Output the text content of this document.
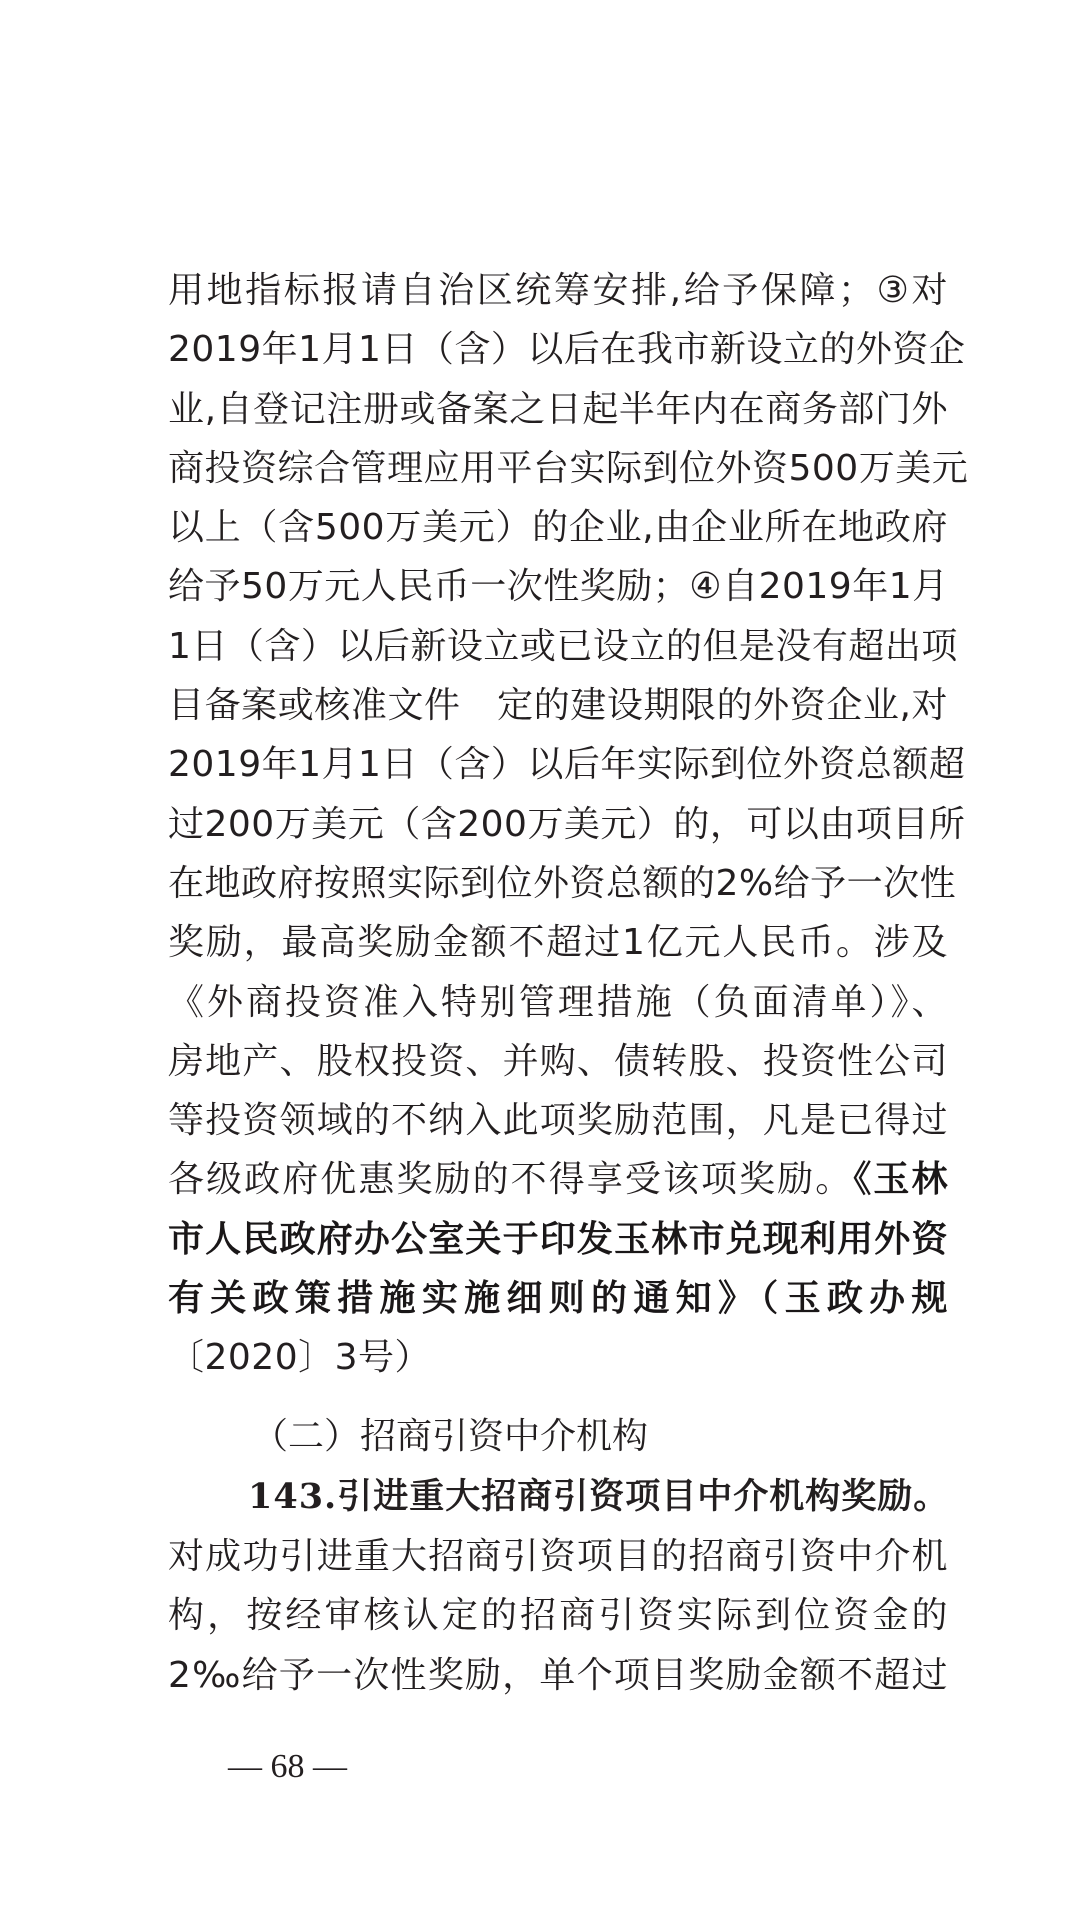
用地指标报请自治区统筹安排,给予保障；③对
2019年1月1日（含）以后在我市新设立的外资企
业,自登记注册或备案之日起半年内在商务部门外
商投资综合管理应用平台实际到位外资500万美元
以上（含500万美元）的企业,由企业所在地政府
给予50万元人民币一次性奖励；④自2019年1月
1日（含）以后新设立或已设立的但是没有超出项
目备案或核准文件　定的建设期限的外资企业,对
2019年1月1日（含）以后年实际到位外资总额超
过200万美元（含200万美元）的，可以由项目所
在地政府按照实际到位外资总额的2%给予一次性
奖励，最高奖励金额不超过1亿元人民币。涉及
《外商投资准入特别管理措施（负面清单）》、
房地产、股权投资、并购、债转股、投资性公司
等投资领域的不纳入此项奖励范围，凡是已得过
各级政府优惠奖励的不得享受该项奖励。《玉林
市人民政府办公室关于印发玉林市兑现利用外资
有关政策措施实施细则的通知》（玉政办规
〔2020〕3号）
（二）招商引资中介机构
143.引进重大招商引资项目中介机构奖励。
对成功引进重大招商引资项目的招商引资中介机
构，按经审核认定的招商引资实际到位资金的
2‰给予一次性奖励，单个项目奖励金额不超过
— 68 —
